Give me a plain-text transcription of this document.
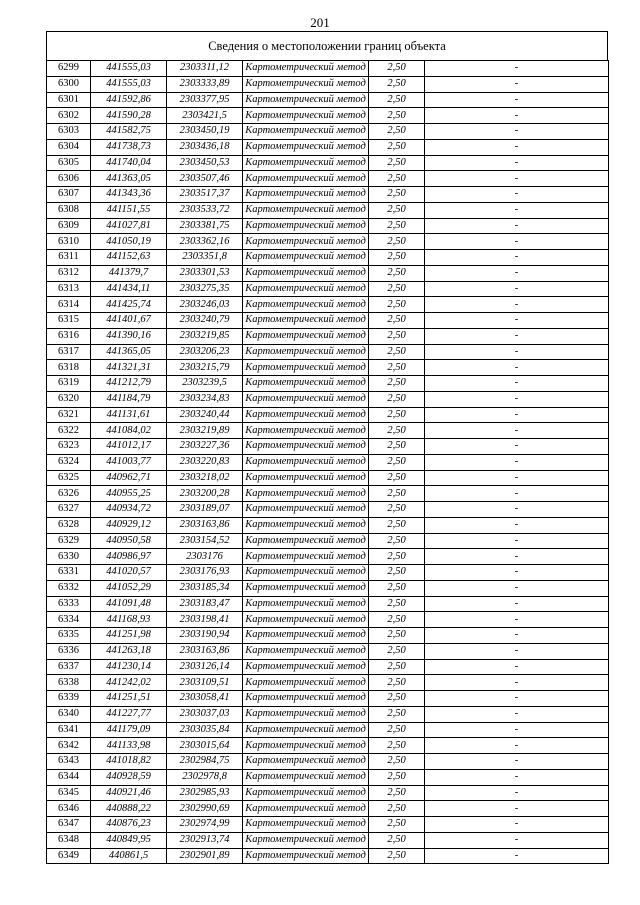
201
Сведения о местоположении границ объекта
6299	441555,03	2303311,12	Картометрический метод	2,50	-
6300	441555,03	2303333,89	Картометрический метод	2,50	-
6301	441592,86	2303377,95	Картометрический метод	2,50	-
6302	441590,28	2303421,5	Картометрический метод	2,50	-
6303	441582,75	2303450,19	Картометрический метод	2,50	-
6304	441738,73	2303436,18	Картометрический метод	2,50	-
6305	441740,04	2303450,53	Картометрический метод	2,50	-
6306	441363,05	2303507,46	Картометрический метод	2,50	-
6307	441343,36	2303517,37	Картометрический метод	2,50	-
6308	441151,55	2303533,72	Картометрический метод	2,50	-
6309	441027,81	2303381,75	Картометрический метод	2,50	-
6310	441050,19	2303362,16	Картометрический метод	2,50	-
6311	441152,63	2303351,8	Картометрический метод	2,50	-
6312	441379,7	2303301,53	Картометрический метод	2,50	-
6313	441434,11	2303275,35	Картометрический метод	2,50	-
6314	441425,74	2303246,03	Картометрический метод	2,50	-
6315	441401,67	2303240,79	Картометрический метод	2,50	-
6316	441390,16	2303219,85	Картометрический метод	2,50	-
6317	441365,05	2303206,23	Картометрический метод	2,50	-
6318	441321,31	2303215,79	Картометрический метод	2,50	-
6319	441212,79	2303239,5	Картометрический метод	2,50	-
6320	441184,79	2303234,83	Картометрический метод	2,50	-
6321	441131,61	2303240,44	Картометрический метод	2,50	-
6322	441084,02	2303219,89	Картометрический метод	2,50	-
6323	441012,17	2303227,36	Картометрический метод	2,50	-
6324	441003,77	2303220,83	Картометрический метод	2,50	-
6325	440962,71	2303218,02	Картометрический метод	2,50	-
6326	440955,25	2303200,28	Картометрический метод	2,50	-
6327	440934,72	2303189,07	Картометрический метод	2,50	-
6328	440929,12	2303163,86	Картометрический метод	2,50	-
6329	440950,58	2303154,52	Картометрический метод	2,50	-
6330	440986,97	2303176	Картометрический метод	2,50	-
6331	441020,57	2303176,93	Картометрический метод	2,50	-
6332	441052,29	2303185,34	Картометрический метод	2,50	-
6333	441091,48	2303183,47	Картометрический метод	2,50	-
6334	441168,93	2303198,41	Картометрический метод	2,50	-
6335	441251,98	2303190,94	Картометрический метод	2,50	-
6336	441263,18	2303163,86	Картометрический метод	2,50	-
6337	441230,14	2303126,14	Картометрический метод	2,50	-
6338	441242,02	2303109,51	Картометрический метод	2,50	-
6339	441251,51	2303058,41	Картометрический метод	2,50	-
6340	441227,77	2303037,03	Картометрический метод	2,50	-
6341	441179,09	2303035,84	Картометрический метод	2,50	-
6342	441133,98	2303015,64	Картометрический метод	2,50	-
6343	441018,82	2302984,75	Картометрический метод	2,50	-
6344	440928,59	2302978,8	Картометрический метод	2,50	-
6345	440921,46	2302985,93	Картометрический метод	2,50	-
6346	440888,22	2302990,69	Картометрический метод	2,50	-
6347	440876,23	2302974,99	Картометрический метод	2,50	-
6348	440849,95	2302913,74	Картометрический метод	2,50	-
6349	440861,5	2302901,89	Картометрический метод	2,50	-
